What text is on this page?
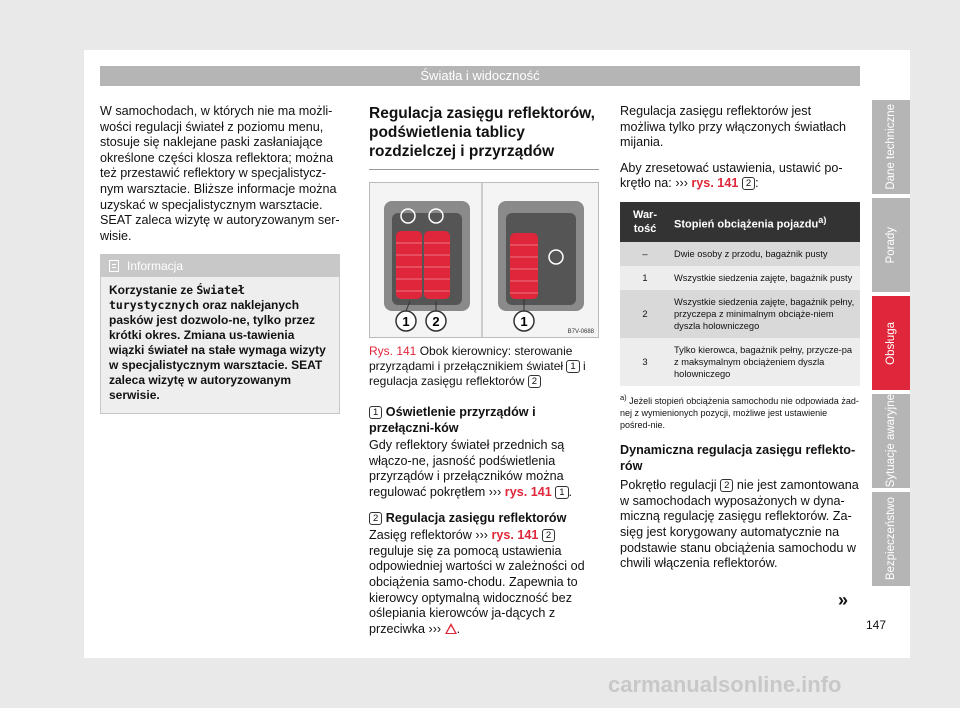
Światła i widoczność

W samochodach, w których nie ma możli-wości regulacji świateł z poziomu menu, stosuje się naklejane paski zasłaniające określone części klosza reflektora; można też przestawić reflektory w specjalistycz-nym warsztacie. Bliższe informacje można uzyskać w specjalistycznym warsztacie. SEAT zaleca wizytę w autoryzowanym ser-wisie.

Informacja
Korzystanie ze Świateł turystycznych oraz naklejanych pasków jest dozwolo-ne, tylko przez krótki okres. Zmiana us-tawienia wiązki świateł na stałe wymaga wizyty w specjalistycznym warsztacie. SEAT zaleca wizytę w autoryzowanym serwisie.
Regulacja zasięgu reflektorów, podświetlenia tablicy rozdzielczej i przyrządów
1 2	1
B7V-0688
Rys. 141 Obok kierownicy: sterowanie przyrządami i przełącznikiem świateł 1 i regulacja zasięgu reflektorów 2
1 Oświetlenie przyrządów i przełączni-ków

Gdy reflektory świateł przednich są włączo-ne, jasność podświetlenia przyrządów i przełączników można regulować pokrętłem ››› rys. 141 1 .

2 Regulacja zasięgu reflektorów

Zasięg reflektorów ››› rys. 141 2 reguluje się za pomocą ustawienia odpowiedniej wartości w zależności od obciążenia samo-chodu. Zapewnia to kierowcy optymalną widoczność bez oślepiania kierowców ja-dących z przeciwka ››› .

Regulacja zasięgu reflektorów jest możliwa tylko przy włączonych światłach mijania.

Aby zresetować ustawienia, ustawić po-krętło na: ››› rys. 141 2 :

War-tość	Stopień obciążenia pojazdu$^{a)}$
–	Dwie osoby z przodu, bagażnik pusty
1	Wszystkie siedzenia zajęte, bagażnik pusty
2	Wszystkie siedzenia zajęte, bagażnik pełny, przyczepa z minimalnym obciąże-niem dyszla holowniczego
3	Tylko kierowca, bagażnik pełny, przycze-pa z maksymalnym obciążeniem dyszla holowniczego
$^{a)}$ Jeżeli stopień obciążenia samochodu nie odpowiada żad-nej z wymienionych pozycji, możliwe jest ustawienie pośred-nie.
Dynamiczna regulacja zasięgu reflekto-rów

Pokrętło regulacji 2 nie jest zamontowana w samochodach wyposażonych w dyna-miczną regulację zasięgu reflektorów. Za-sięg jest korygowany automatycznie na podstawie stanu obciążenia samochodu w chwili włączenia reflektorów.

»
147
Dane techniczne
Porady
Obsługa
Sytuacje awaryjne
Bezpieczeństwo
carmanualsonline.info
